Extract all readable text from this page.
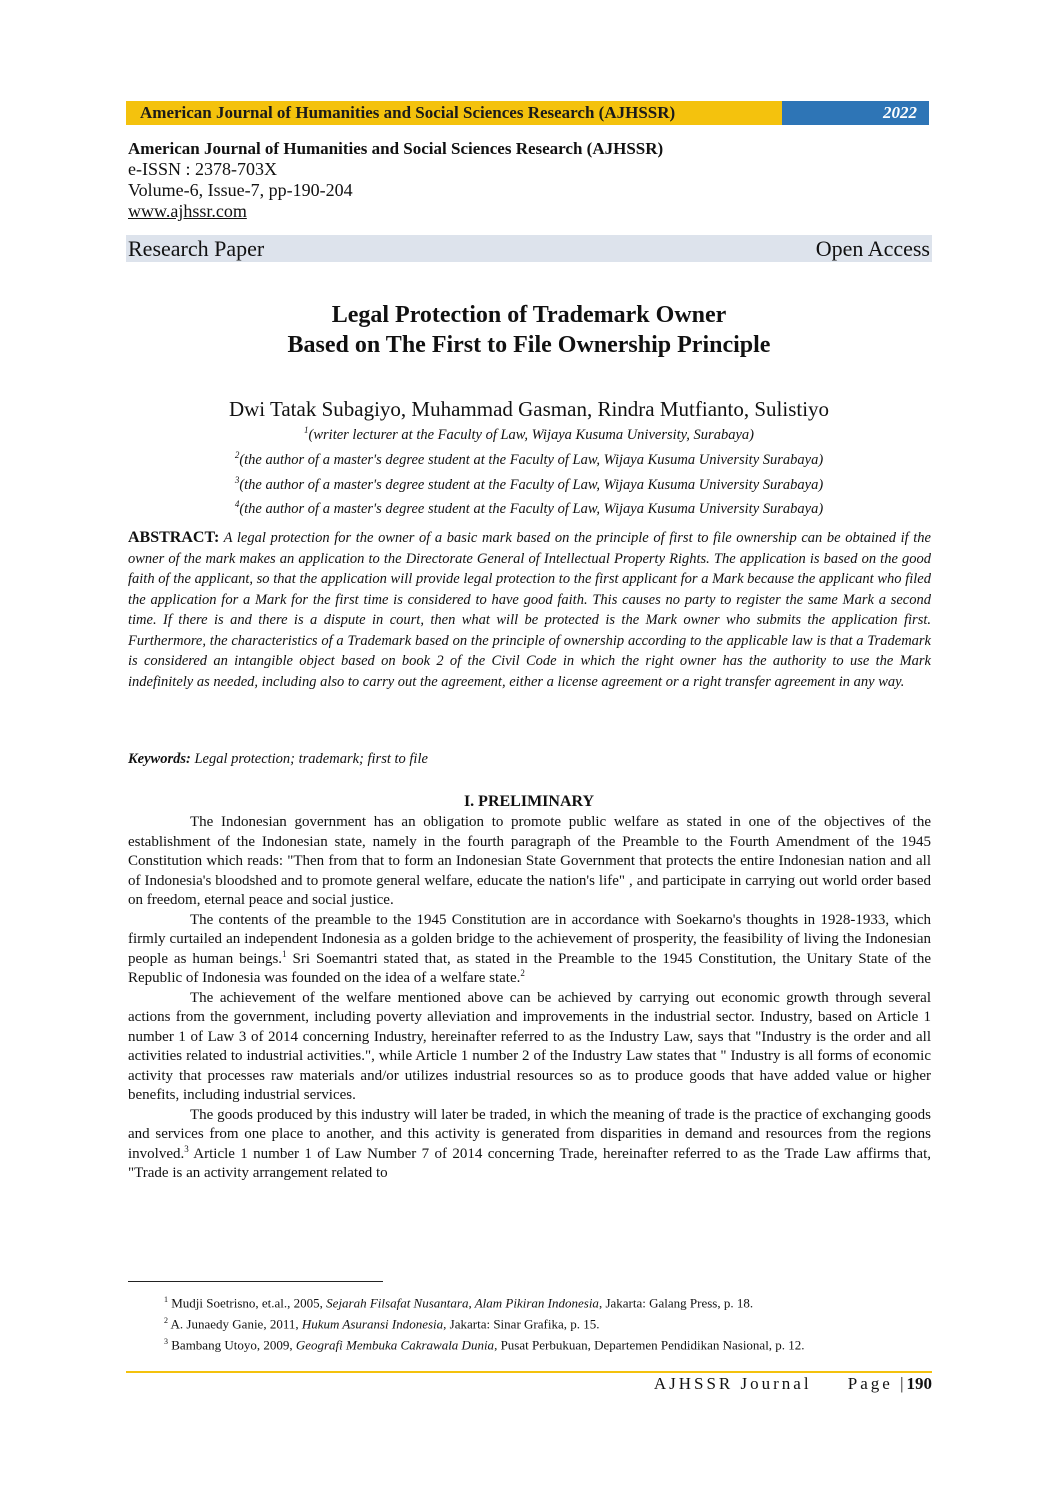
American Journal of Humanities and Social Sciences Research (AJHSSR)	2022
American Journal of Humanities and Social Sciences Research (AJHSSR)
e-ISSN : 2378-703X
Volume-6, Issue-7, pp-190-204
www.ajhssr.com
Research Paper	Open Access
Legal Protection of Trademark Owner
Based on The First to File Ownership Principle
Dwi Tatak Subagiyo, Muhammad Gasman, Rindra Mutfianto, Sulistiyo
$^1$(writer lecturer at the Faculty of Law, Wijaya Kusuma University, Surabaya)
$^2$(the author of a master's degree student at the Faculty of Law, Wijaya Kusuma University Surabaya)
$^3$(the author of a master's degree student at the Faculty of Law, Wijaya Kusuma University Surabaya)
$^4$(the author of a master's degree student at the Faculty of Law, Wijaya Kusuma University Surabaya)
ABSTRACT: A legal protection for the owner of a basic mark based on the principle of first to file ownership can be obtained if the owner of the mark makes an application to the Directorate General of Intellectual Property Rights. The application is based on the good faith of the applicant, so that the application will provide legal protection to the first applicant for a Mark because the applicant who filed the application for a Mark for the first time is considered to have good faith. This causes no party to register the same Mark a second time. If there is and there is a dispute in court, then what will be protected is the Mark owner who submits the application first. Furthermore, the characteristics of a Trademark based on the principle of ownership according to the applicable law is that a Trademark is considered an intangible object based on book 2 of the Civil Code in which the right owner has the authority to use the Mark indefinitely as needed, including also to carry out the agreement, either a license agreement or a right transfer agreement in any way.
Keywords: Legal protection; trademark; first to file
I. PRELIMINARY

The Indonesian government has an obligation to promote public welfare as stated in one of the objectives of the establishment of the Indonesian state, namely in the fourth paragraph of the Preamble to the Fourth Amendment of the 1945 Constitution which reads: "Then from that to form an Indonesian State Government that protects the entire Indonesian nation and all of Indonesia's bloodshed and to promote general welfare, educate the nation's life" , and participate in carrying out world order based on freedom, eternal peace and social justice.

The contents of the preamble to the 1945 Constitution are in accordance with Soekarno's thoughts in 1928-1933, which firmly curtailed an independent Indonesia as a golden bridge to the achievement of prosperity, the feasibility of living the Indonesian people as human beings.$^1$ Sri Soemantri stated that, as stated in the Preamble to the 1945 Constitution, the Unitary State of the Republic of Indonesia was founded on the idea of a welfare state.$^2$

The achievement of the welfare mentioned above can be achieved by carrying out economic growth through several actions from the government, including poverty alleviation and improvements in the industrial sector. Industry, based on Article 1 number 1 of Law 3 of 2014 concerning Industry, hereinafter referred to as the Industry Law, says that "Industry is the order and all activities related to industrial activities.", while Article 1 number 2 of the Industry Law states that " Industry is all forms of economic activity that processes raw materials and/or utilizes industrial resources so as to produce goods that have added value or higher benefits, including industrial services.

The goods produced by this industry will later be traded, in which the meaning of trade is the practice of exchanging goods and services from one place to another, and this activity is generated from disparities in demand and resources from the regions involved.$^3$ Article 1 number 1 of Law Number 7 of 2014 concerning Trade, hereinafter referred to as the Trade Law affirms that, "Trade is an activity arrangement related to

$^1$ Mudji Soetrisno, et.al., 2005, Sejarah Filsafat Nusantara, Alam Pikiran Indonesia, Jakarta: Galang Press, p. 18.

$^2$ A. Junaedy Ganie, 2011, Hukum Asuransi Indonesia, Jakarta: Sinar Grafika, p. 15.

$^3$ Bambang Utoyo, 2009, Geografi Membuka Cakrawala Dunia, Pusat Perbukuan, Departemen Pendidikan Nasional, p. 12.

AJHSSR Journal Page |190
